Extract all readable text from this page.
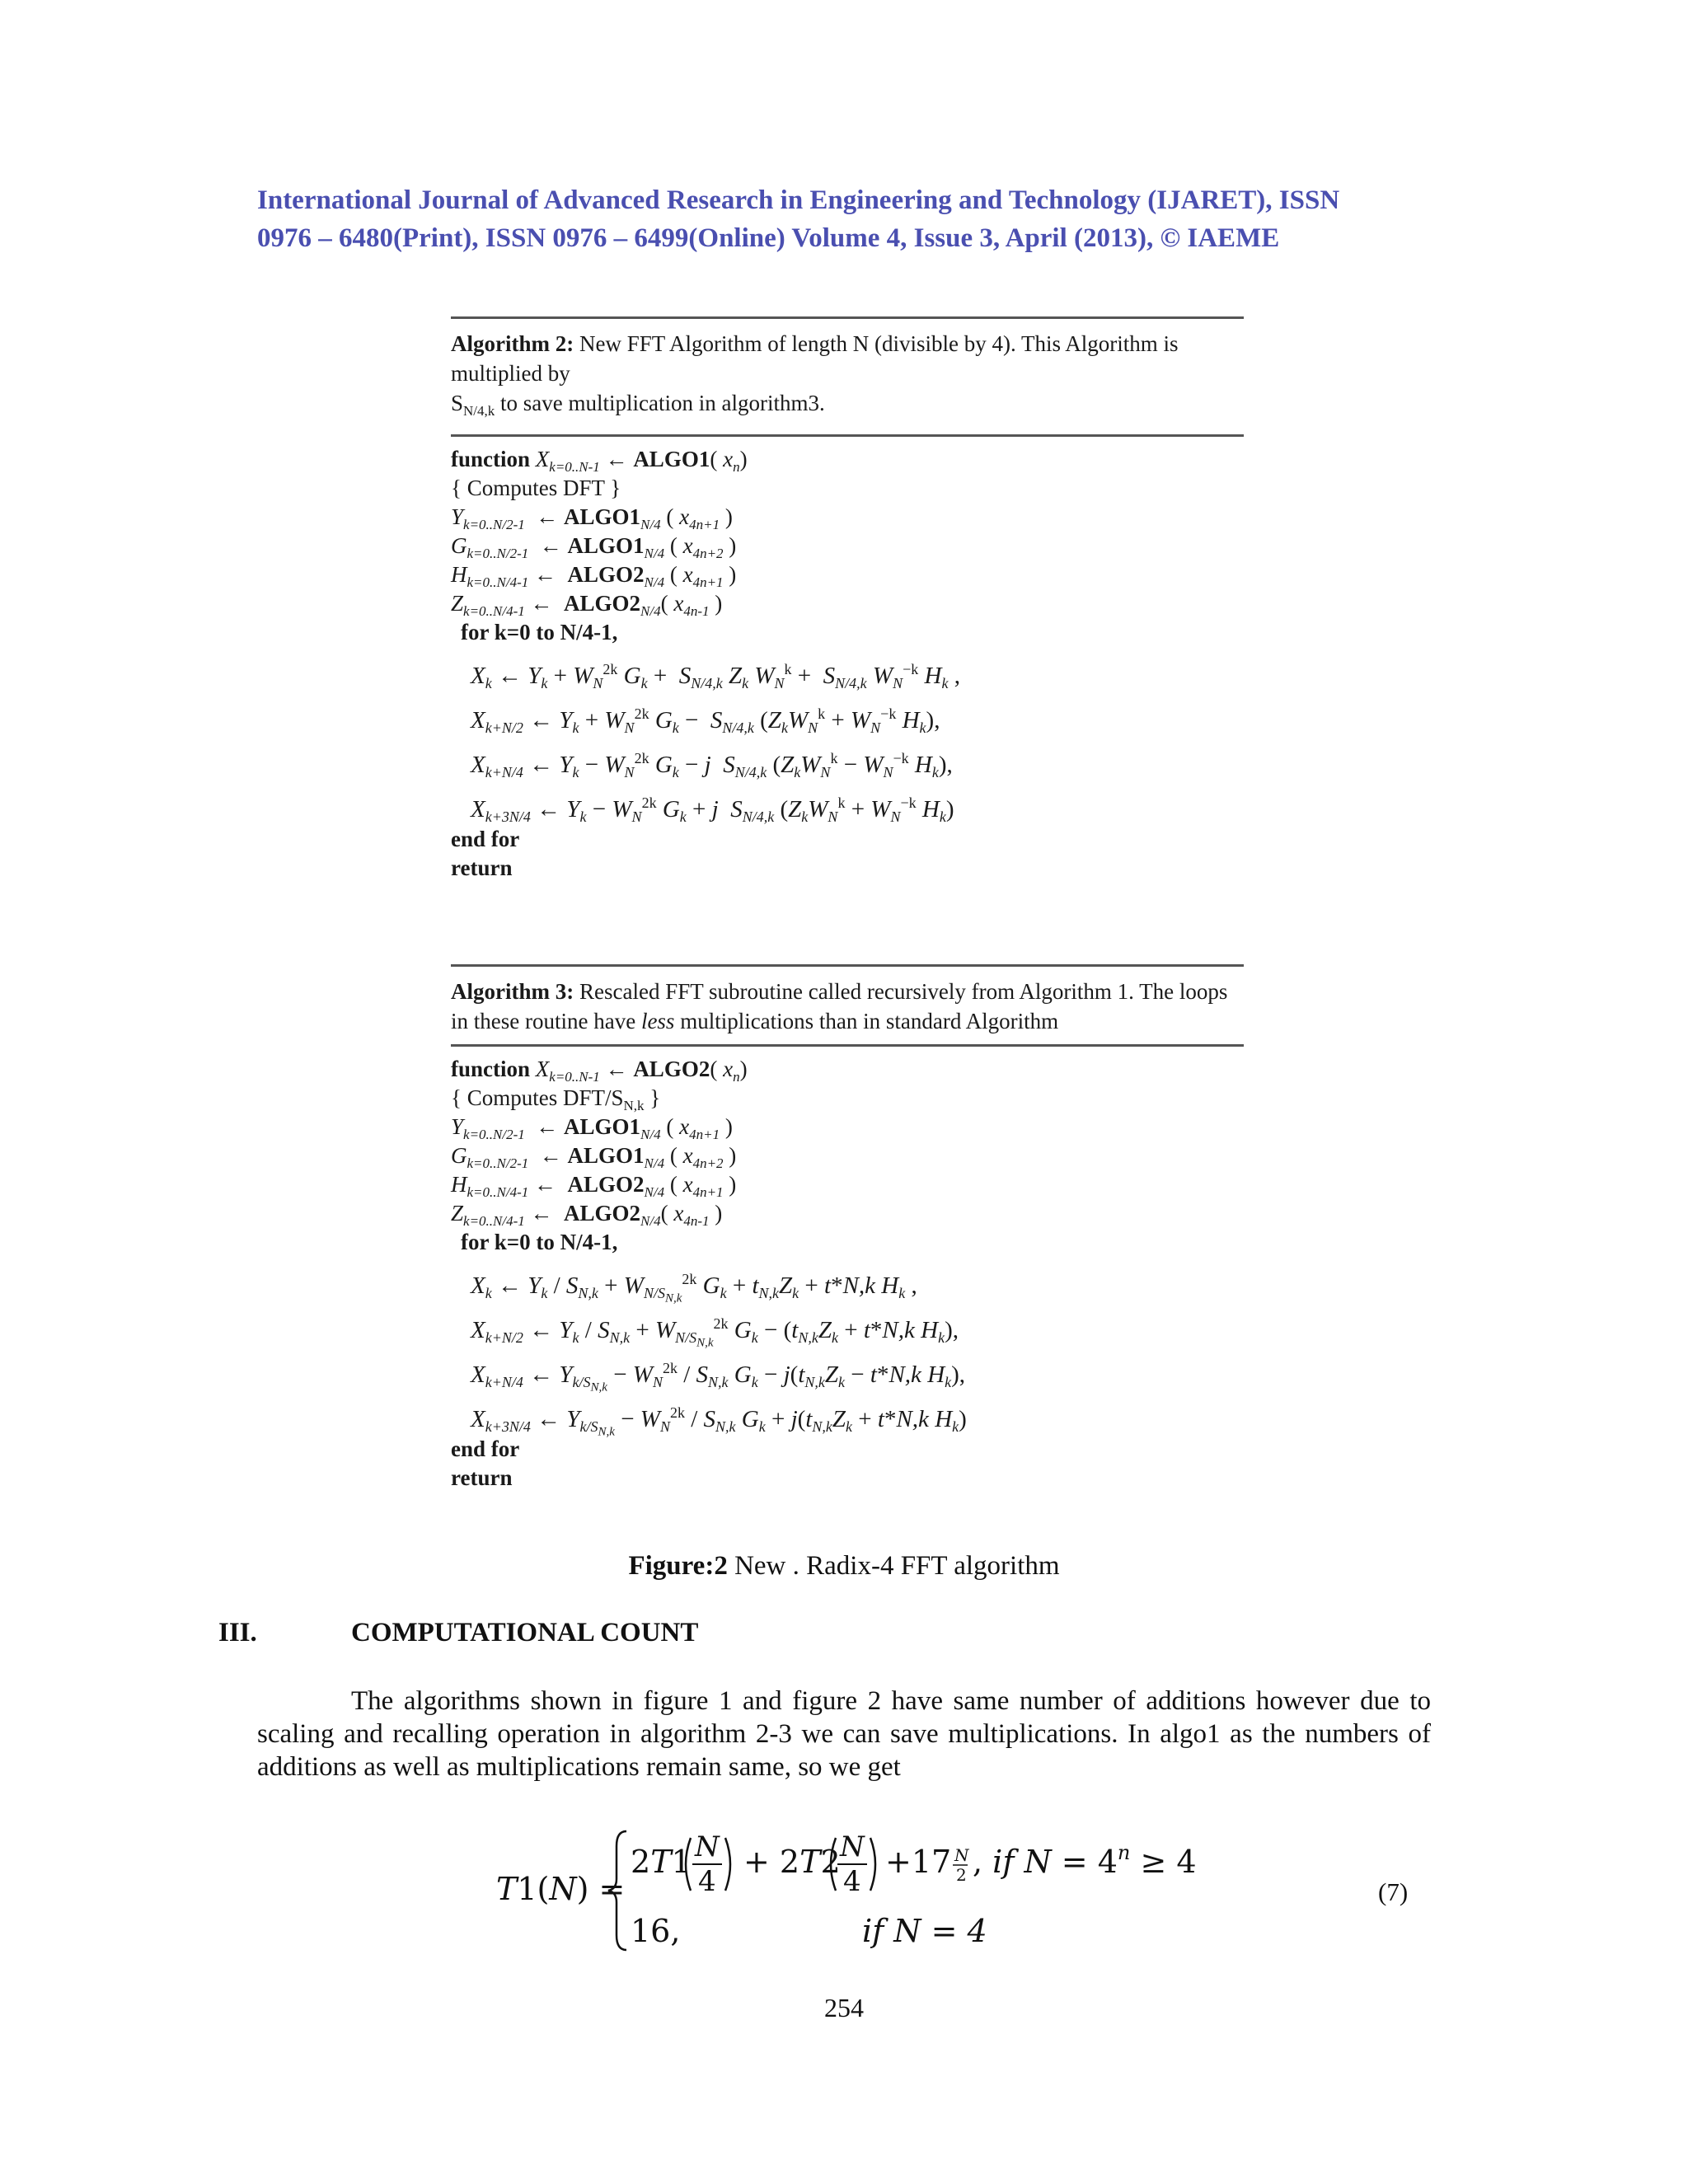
International Journal of Advanced Research in Engineering and Technology (IJARET), ISSN
0976 – 6480(Print), ISSN 0976 – 6499(Online) Volume 4, Issue 3, April (2013), © IAEME
Algorithm 2: New FFT Algorithm of length N (divisible by 4). This Algorithm is multiplied by
$S_{N/4,k}$ to save multiplication in algorithm3.
function $X_{k=0..N-1}$ ← ALGO1( $x_n$)
{ Computes DFT }
$Y_{k=0..N/2-1}$  ← $ALGO1_{N/4}$ ( $x_{4n+1}$ )
$G_{k=0..N/2-1}$  ← $ALGO1_{N/4}$ ( $x_{4n+2}$ )
$H_{k=0..N/4-1}$ ←  $ALGO2_{N/4}$ ( $x_{4n+1}$ )
$Z_{k=0..N/4-1}$ ←  $ALGO2_{N/4}$( $x_{4n-1}$ )
for k=0 to N/4-1,
$X_k$ ← $Y_k + W_N^{2k}$ $G_k + S_{N/4,k}$ $Z_k$ $W_N^k + S_{N/4,k}$ $W_N^{-k}$ $H_k$ ,
$X_{k+N/2}$ ← $Y_k + W_N^{2k}$ $G_k - S_{N/4,k}$ ($Z_kW_N^k + W_N^{-k}$ $H_k$),
$X_{k+N/4}$ ← $Y_k - W_N^{2k}$ $G_k - j$ $S_{N/4,k}$ ($Z_kW_N^k - W_N^{-k}$ $H_k$),
$X_{k+3N/4}$ ← $Y_k - W_N^{2k}$ $G_k + j$ $S_{N/4,k}$ ($Z_kW_N^k + W_N^{-k}$ $H_k$)
end for
return
Algorithm 3: Rescaled FFT subroutine called recursively from Algorithm 1. The loops in these routine have less multiplications than in standard Algorithm
function $X_{k=0..N-1}$ ← ALGO2( $x_n$)
{ Computes DFT/$S_{N,k}$ }
$Y_{k=0..N/2-1}$  ← $ALGO1_{N/4}$ ( $x_{4n+1}$ )
$G_{k=0..N/2-1}$  ← $ALGO1_{N/4}$ ( $x_{4n+2}$ )
$H_{k=0..N/4-1}$ ←  $ALGO2_{N/4}$ ( $x_{4n+1}$ )
$Z_{k=0..N/4-1}$ ←  $ALGO2_{N/4}$( $x_{4n-1}$ )
for k=0 to N/4-1,
$X_k$ ← $Y_k / S_{N,k} + W_{N/S_{N,k}}^{2k}$ $G_k + t_{N,k}Z_k + t*N,k$ $H_k$ ,
$X_{k+N/2}$ ← $Y_k / S_{N,k} + W_{N/S_{N,k}}^{2k}$ $G_k - (t_{N,k}Z_k + t*N,k$ $H_k$),
$X_{k+N/4}$ ← $Y_{k/S_{N,k}} - W_N^{2k} / S_{N,k}$ $G_k - j(t_{N,k}Z_k - t*N,k$ $H_k$),
$X_{k+3N/4}$ ← $Y_{k/S_{N,k}} - W_N^{2k} / S_{N,k}$ $G_k + j(t_{N,k}Z_k + t*N,k$ $H_k$)
end for
return
Figure:2 New . Radix-4 FFT algorithm
III.	COMPUTATIONAL COUNT
The algorithms shown in figure 1 and figure 2 have same number of additions however due to scaling and recalling operation in algorithm 2-3 we can save multiplications. In algo1 as the numbers of additions as well as multiplications remain same, so we get
T1(N) =
2T1 N
4
+ 2T2 N
4
+17 N
2 , if $N = 4^n \ge 4$
16,	if N = 4
(7)
254
